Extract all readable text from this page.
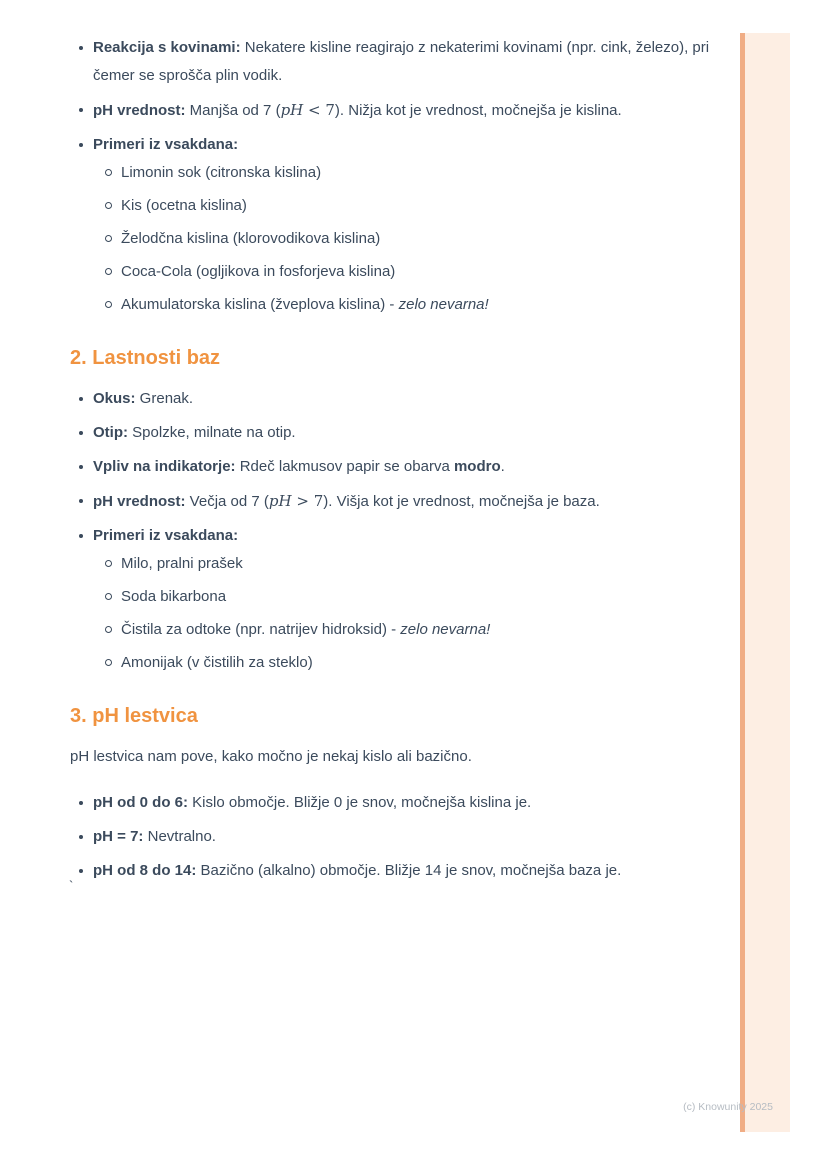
Reakcija s kovinami: Nekatere kisline reagirajo z nekaterimi kovinami (npr. cink, železo), pri čemer se sprošča plin vodik.
pH vrednost: Manjša od 7 (pH < 7). Nižja kot je vrednost, močnejša je kislina.
Primeri iz vsakdana:
Limonin sok (citronska kislina)
Kis (ocetna kislina)
Želodčna kislina (klorovodikova kislina)
Coca-Cola (ogljikova in fosforjeva kislina)
Akumulatorska kislina (žveplova kislina) - zelo nevarna!
2. Lastnosti baz
Okus: Grenak.
Otip: Spolzke, milnate na otip.
Vpliv na indikatorje: Rdeč lakmusov papir se obarva modro.
pH vrednost: Večja od 7 (pH > 7). Višja kot je vrednost, močnejša je baza.
Primeri iz vsakdana:
Milo, pralni prašek
Soda bikarbona
Čistila za odtoke (npr. natrijev hidroksid) - zelo nevarna!
Amonijak (v čistilih za steklo)
3. pH lestvica

pH lestvica nam pove, kako močno je nekaj kislo ali bazično.

pH od 0 do 6: Kislo območje. Bližje 0 je snov, močnejša kislina je.
pH = 7: Nevtralno.
pH od 8 do 14: Bazično (alkalno) območje. Bližje 14 je snov, močnejša baza je.
`
(c) Knowunity 2025
